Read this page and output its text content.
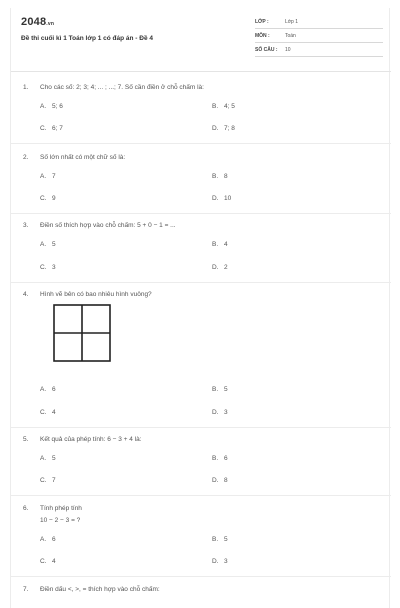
2048.vn
Đề thi cuối kì 1 Toán lớp 1 có đáp án - Đề 4
LỚP :	Lớp 1
MÔN :	Toán
SỐ CÂU : 10
1. Cho các số: 2; 3; 4; ... ; ...; 7. Số cần điền ở chỗ chấm là:
A. 5; 6	B. 4; 5
C. 6; 7	D. 7; 8
2. Số lớn nhất có một chữ số là:
A. 7	B. 8
C. 9	D. 10
3. Điền số thích hợp vào chỗ chấm: 5 + 0 − 1 = ...
A. 5	B. 4
C. 3	D. 2
4. Hình vẽ bên có bao nhiêu hình vuông?
A. 6	B. 5
C. 4	D. 3
5. Kết quả của phép tính: 6 − 3 + 4 là:
A. 5	B. 6
C. 7	D. 8
6. Tính phép tính
10 − 2 − 3 = ?
A. 6	B. 5
C. 4	D. 3
7. Điền dấu <, >, = thích hợp vào chỗ chấm:
